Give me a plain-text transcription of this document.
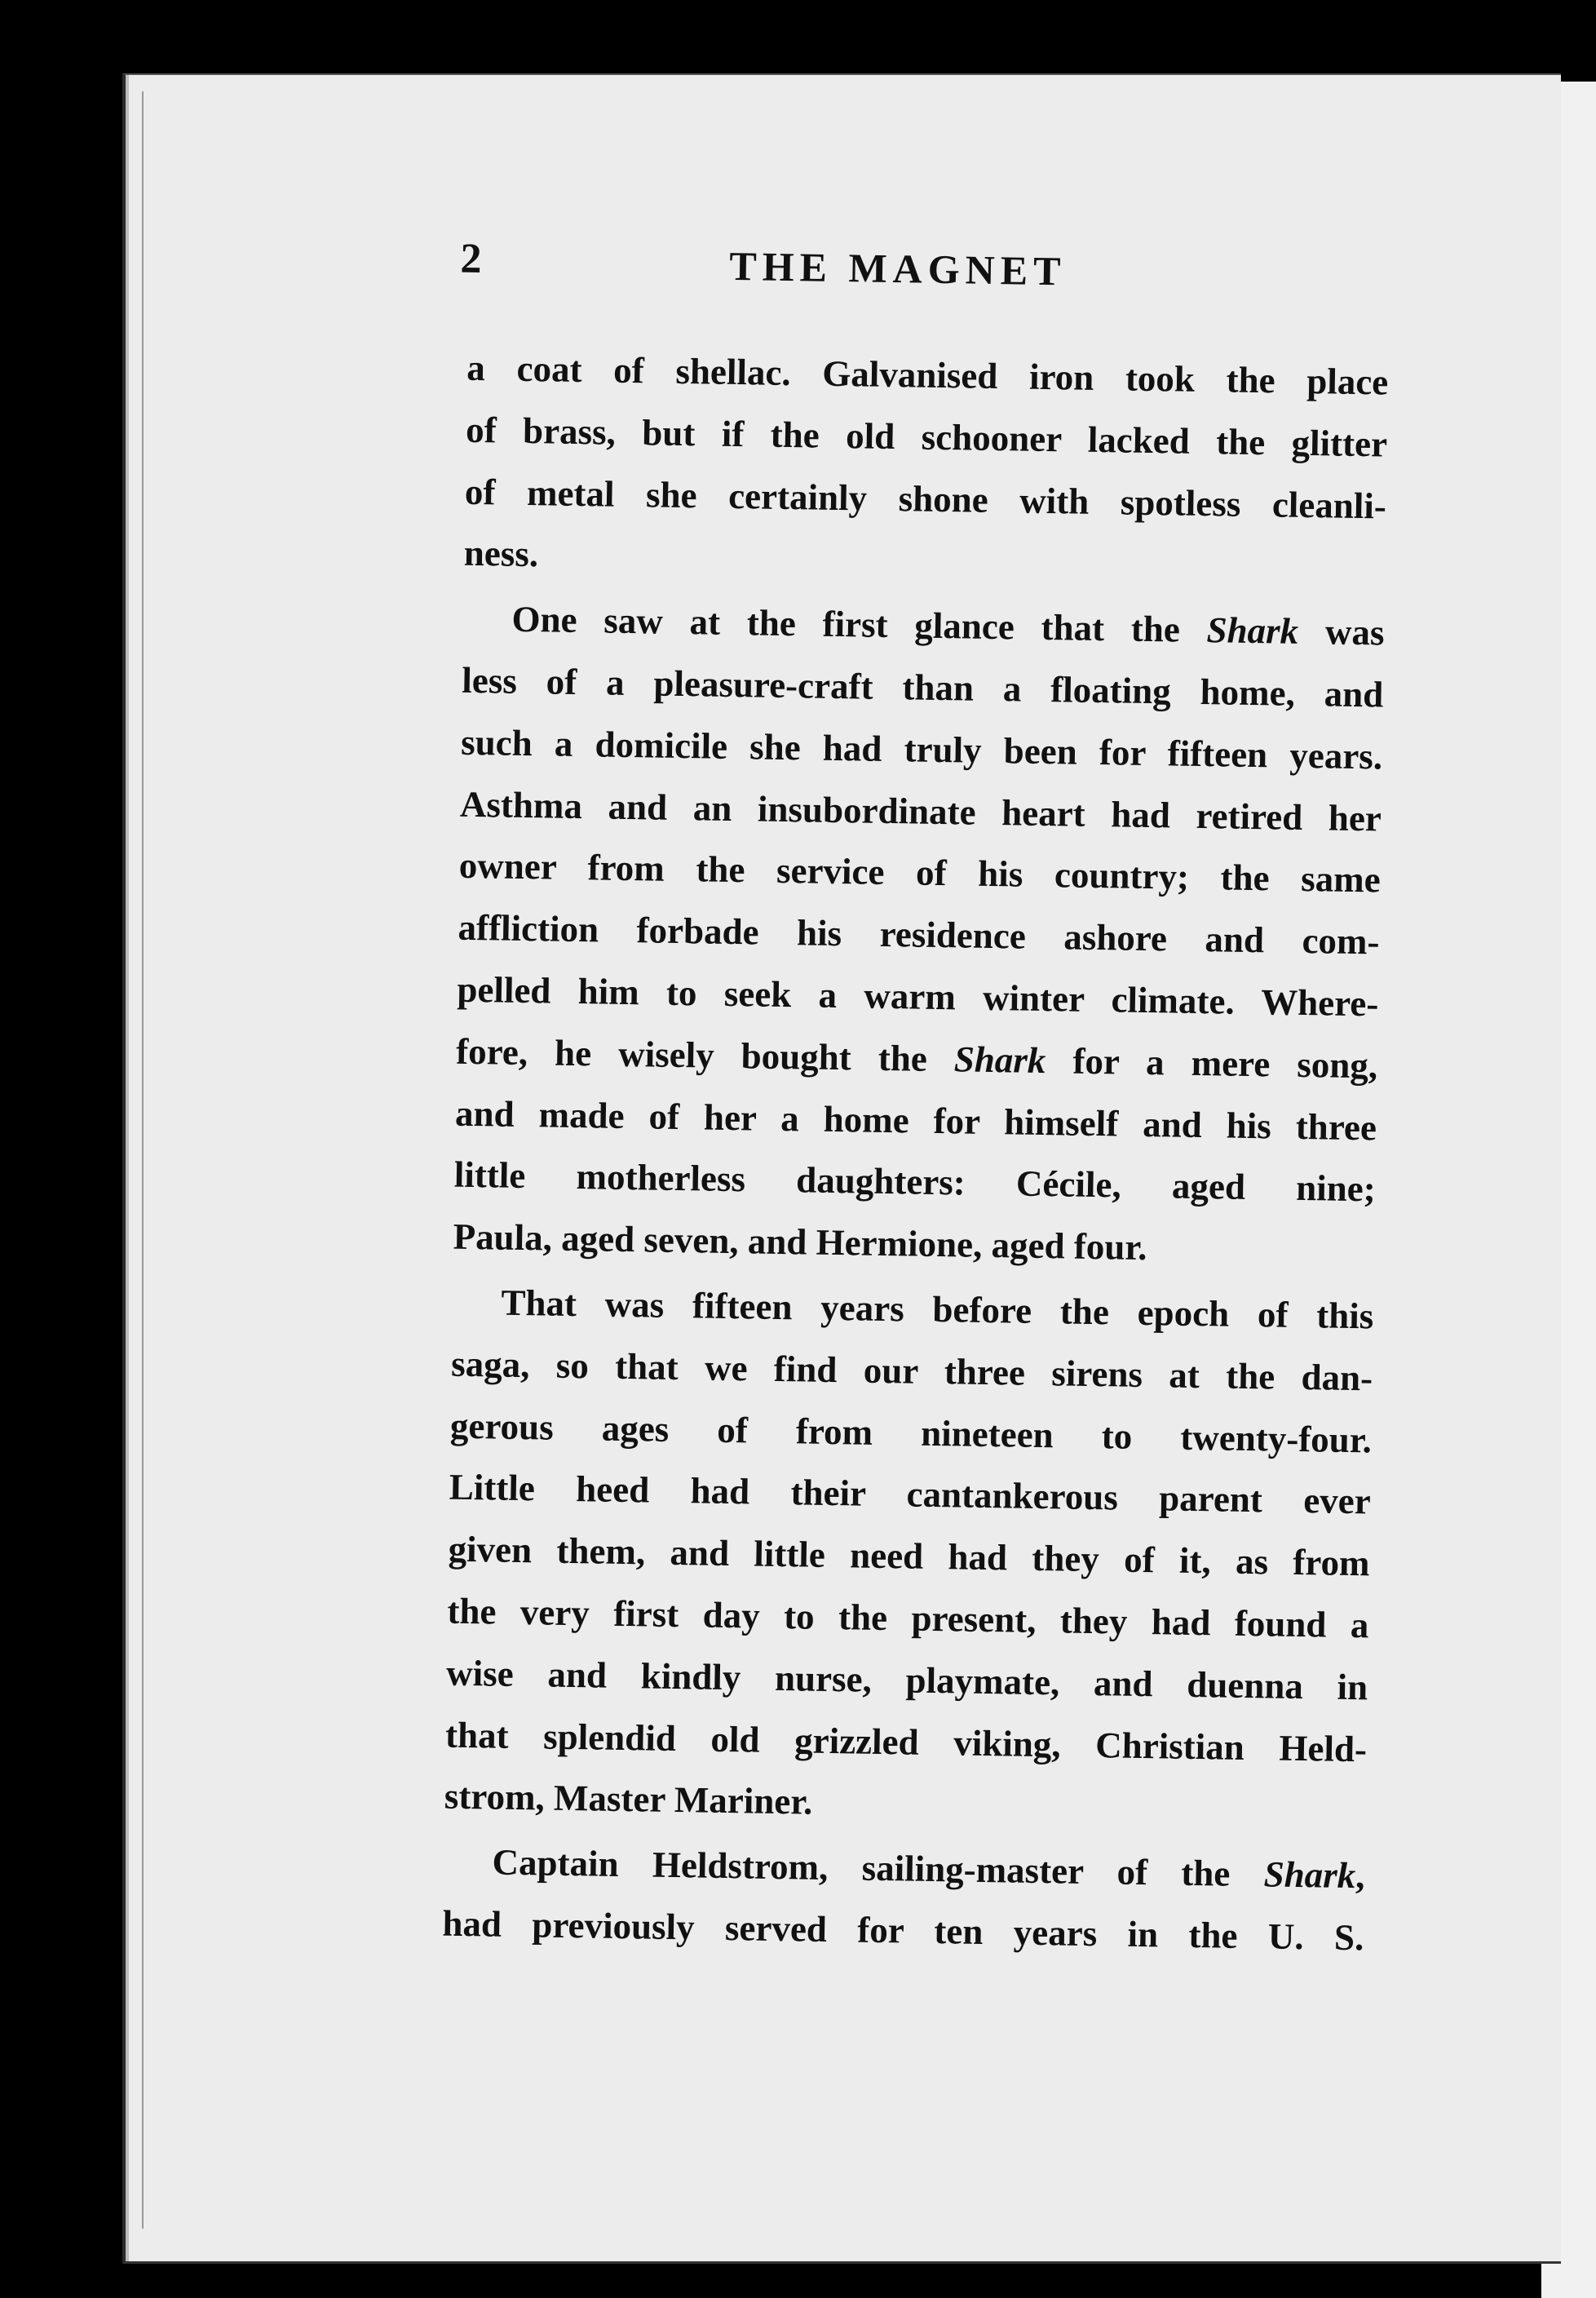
2	THE MAGNET
a coat of shellac. Galvanised iron took the place
of brass, but if the old schooner lacked the glitter
of metal she certainly shone with spotless cleanli-
ness.
One saw at the first glance that the Shark was
less of a pleasure-craft than a floating home, and
such a domicile she had truly been for fifteen years.
Asthma and an insubordinate heart had retired her
owner from the service of his country; the same
affliction forbade his residence ashore and com-
pelled him to seek a warm winter climate. Where-
fore, he wisely bought the Shark for a mere song,
and made of her a home for himself and his three
little motherless daughters: Cécile, aged nine;
Paula, aged seven, and Hermione, aged four.
That was fifteen years before the epoch of this
saga, so that we find our three sirens at the dan-
gerous ages of from nineteen to twenty-four.
Little heed had their cantankerous parent ever
given them, and little need had they of it, as from
the very first day to the present, they had found a
wise and kindly nurse, playmate, and duenna in
that splendid old grizzled viking, Christian Held-
strom, Master Mariner.
Captain Heldstrom, sailing-master of the Shark,
had previously served for ten years in the U. S.
